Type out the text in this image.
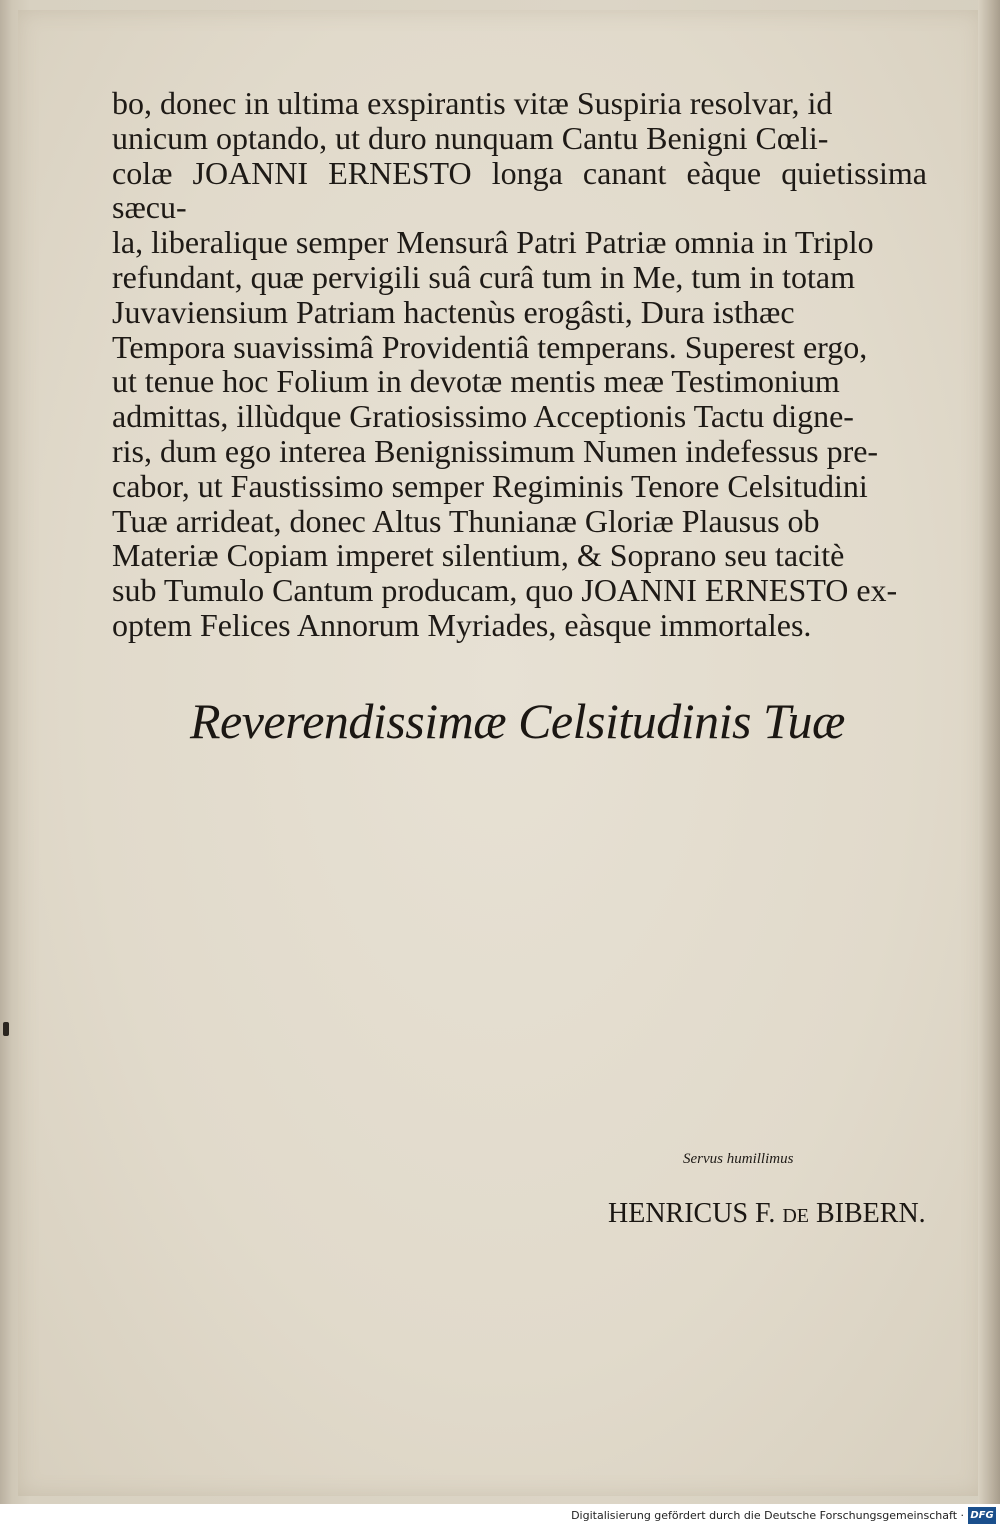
bo, donec in ultima exspirantis vitæ Suspiria resolvar, id
unicum optando, ut duro nunquam Cantu Benigni Cœli-
colæ JOANNI ERNESTO longa canant eàque quietissima sæcu-
la, liberalique semper Mensurâ Patri Patriæ omnia in Triplo
refundant, quæ pervigili suâ curâ tum in Me, tum in totam
Juvaviensium Patriam hactenùs erogâsti, Dura isthæc
Tempora suavissimâ Providentiâ temperans. Superest ergo,
ut tenue hoc Folium in devotæ mentis meæ Testimonium
admittas, illùdque Gratiosissimo Acceptionis Tactu digne-
ris, dum ego interea Benignissimum Numen indefessus pre-
cabor, ut Faustissimo semper Regiminis Tenore Celsitudini
Tuæ arrideat, donec Altus Thunianæ Gloriæ Plausus ob
Materiæ Copiam imperet silentium, & Soprano seu tacitè
sub Tumulo Cantum producam, quo JOANNI ERNESTO ex-
optem Felices Annorum Myriades, eàsque immortales.
Reverendissimæ Celsitudinis Tuæ
Servus humillimus
HENRICUS F. de BIBERN.
Digitalisierung gefördert durch die Deutsche Forschungsgemeinschaft · DFG
